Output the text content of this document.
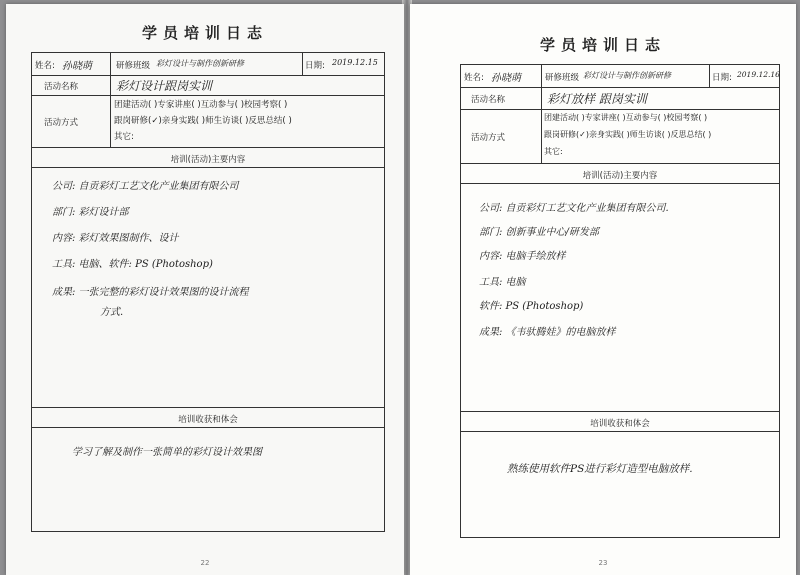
学员培训日志
姓名: 孙晓萌	研修班级 彩灯设计与制作创新研修	日期: 2019.12.15
活动名称	彩灯设计跟岗实训
活动方式
团建活动( )专家讲座( )互动参与( )校园考察( )
跟岗研修(✓)亲身实践( )师生访谈( )反思总结( )
其它:
培训(活动)主要内容
公司: 自贡彩灯工艺文化产业集团有限公司
部门: 彩灯设计部
内容: 彩灯效果图制作、设计
工具: 电脑、软件: PS (Photoshop)
成果: 一张完整的彩灯设计效果图的设计流程
方式.
培训收获和体会
学习了解及制作一张简单的彩灯设计效果图
22
学员培训日志
姓名: 孙晓萌	研修班级 彩灯设计与制作创新研修	日期: 2019.12.16
活动名称	彩灯放样 跟岗实训
活动方式
团建活动( )专家讲座( )互动参与( )校园考察( )
跟岗研修(✓)亲身实践( )师生访谈( )反思总结( )
其它:
培训(活动)主要内容
公司: 自贡彩灯工艺文化产业集团有限公司.
部门: 创新事业中心/研发部
内容: 电脑手绘放样
工具: 电脑
软件: PS (Photoshop)
成果: 《韦驮腾娃》的电脑放样
培训收获和体会
熟练使用软件PS进行彩灯造型电脑放样.
23
